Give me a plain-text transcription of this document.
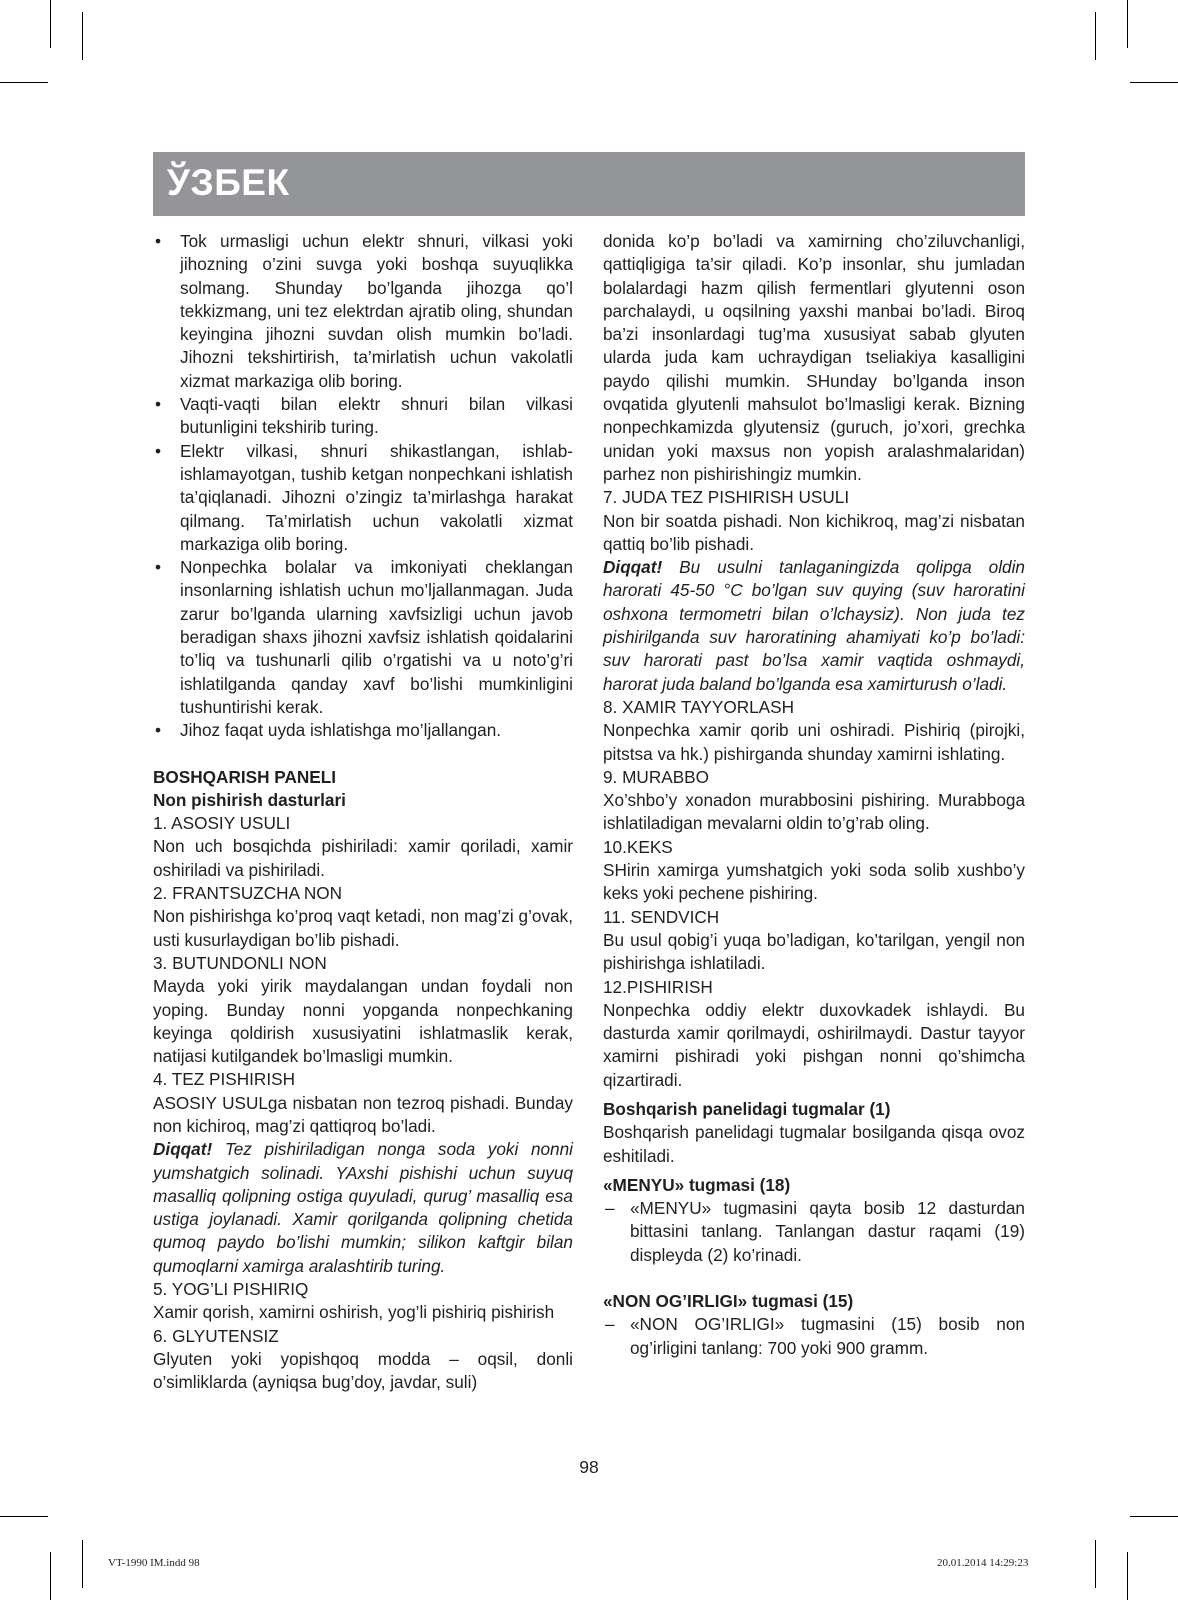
ЎЗБЕК
• Tok urmasligi uchun elektr shnuri, vilkasi yoki jihozning o’zini suvga yoki boshqa suyuqlikka solmang. Shunday bo’lganda jihozga qo’l tekkizmang, uni tez elektrdan ajratib oling, shundan keyingina jihozni suvdan olish mumkin bo’ladi. Jihozni tekshirtirish, ta’mirlatish uchun vakolatli xizmat markaziga olib boring.
• Vaqti-vaqti bilan elektr shnuri bilan vilkasi butunligini tekshirib turing.
• Elektr vilkasi, shnuri shikastlangan, ishlab-ishlamayotgan, tushib ketgan nonpechkani ishlatish ta’qiqlanadi. Jihozni o’zingiz ta’mirlashga harakat qilmang. Ta’mirlatish uchun vakolatli xizmat markaziga olib boring.
• Nonpechka bolalar va imkoniyati cheklangan insonlarning ishlatish uchun mo’ljallanmagan. Juda zarur bo’lganda ularning xavfsizligi uchun javob beradigan shaxs jihozni xavfsiz ishlatish qoidalarini to’liq va tushunarli qilib o’rgatishi va u noto’g’ri ishlatilganda qanday xavf bo’lishi mumkinligini tushuntirishi kerak.
• Jihoz faqat uyda ishlatishga mo’ljallangan.

BOSHQARISH PANELI

Non pishirish dasturlari

1. ASOSIY USULI

Non uch bosqichda pishiriladi: xamir qoriladi, xamir oshiriladi va pishiriladi.

2. FRANTSUZCHA NON

Non pishirishga ko’proq vaqt ketadi, non mag’zi g’ovak, usti kusurlaydigan bo’lib pishadi.

3. BUTUNDONLI NON

Mayda yoki yirik maydalangan undan foydali non yoping. Bunday nonni yopganda nonpechkaning keyinga qoldirish xususiyatini ishlatmaslik kerak, natijasi kutilgandek bo’lmasligi mumkin.

4. TEZ PISHIRISH

ASOSIY USULga nisbatan non tezroq pishadi. Bunday non kichiroq, mag’zi qattiqroq bo’ladi.

Diqqat! Tez pishiriladigan nonga soda yoki nonni yumshatgich solinadi. YAxshi pishishi uchun suyuq masalliq qolipning ostiga quyuladi, qurug’ masalliq esa ustiga joylanadi. Xamir qorilganda qolipning chetida qumoq paydo bo’lishi mumkin; silikon kaftgir bilan qumoqlarni xamirga aralashtirib turing.

5. YOG’LI PISHIRIQ

Xamir qorish, xamirni oshirish, yog’li pishiriq pishirish

6. GLYUTENSIZ

Glyuten yoki yopishqoq modda – oqsil, donli o’simliklarda (ayniqsa bug’doy, javdar, suli)

donida ko’p bo’ladi va xamirning cho’ziluvchanligi, qattiqligiga ta’sir qiladi. Ko’p insonlar, shu jumladan bolalardagi hazm qilish fermentlari glyutenni oson parchalaydi, u oqsilning yaxshi manbai bo’ladi. Biroq ba’zi insonlardagi tug’ma xususiyat sabab glyuten ularda juda kam uchraydigan tseliakiya kasalligini paydo qilishi mumkin. SHunday bo’lganda inson ovqatida glyutenli mahsulot bo’lmasligi kerak. Bizning nonpechkamizda glyutensiz (guruch, jo’xori, grechka unidan yoki maxsus non yopish aralashmalaridan) parhez non pishirishingiz mumkin.

7. JUDA TEZ PISHIRISH USULI

Non bir soatda pishadi. Non kichikroq, mag’zi nisbatan qattiq bo’lib pishadi.

Diqqat! Bu usulni tanlaganingizda qolipga oldin harorati 45-50 °C bo’lgan suv quying (suv haroratini oshxona termometri bilan o’lchaysiz). Non juda tez pishirilganda suv haroratining ahamiyati ko’p bo’ladi: suv harorati past bo’lsa xamir vaqtida oshmaydi, harorat juda baland bo’lganda esa xamirturush o’ladi.

8. XAMIR TAYYORLASH

Nonpechka xamir qorib uni oshiradi. Pishiriq (pirojki, pitstsa va hk.) pishirganda shunday xamirni ishlating.

9. MURABBO

Xo’shbo’y xonadon murabbosini pishiring. Murabboga ishlatiladigan mevalarni oldin to’g’rab oling.

10.KEKS

SHirin xamirga yumshatgich yoki soda solib xushbo’y keks yoki pechene pishiring.

11. SENDVICH

Bu usul qobig’i yuqa bo’ladigan, ko’tarilgan, yengil non pishirishga ishlatiladi.

12.PISHIRISH

Nonpechka oddiy elektr duxovkadek ishlaydi. Bu dasturda xamir qorilmaydi, oshirilmaydi. Dastur tayyor xamirni pishiradi yoki pishgan nonni qo’shimcha qizartiradi.

Boshqarish panelidagi tugmalar (1)

Boshqarish panelidagi tugmalar bosilganda qisqa ovoz eshitiladi.

«MENYU» tugmasi (18)

– «MENYU» tugmasini qayta bosib 12 dasturdan bittasini tanlang. Tanlangan dastur raqami (19) displeyda (2) ko’rinadi.

«NON OG’IRLIGI» tugmasi (15)

– «NON OG’IRLIGI» tugmasini (15) bosib non og’irligini tanlang: 700 yoki 900 gramm.
98
VT-1990 IM.indd 98	20.01.2014 14:29:23
